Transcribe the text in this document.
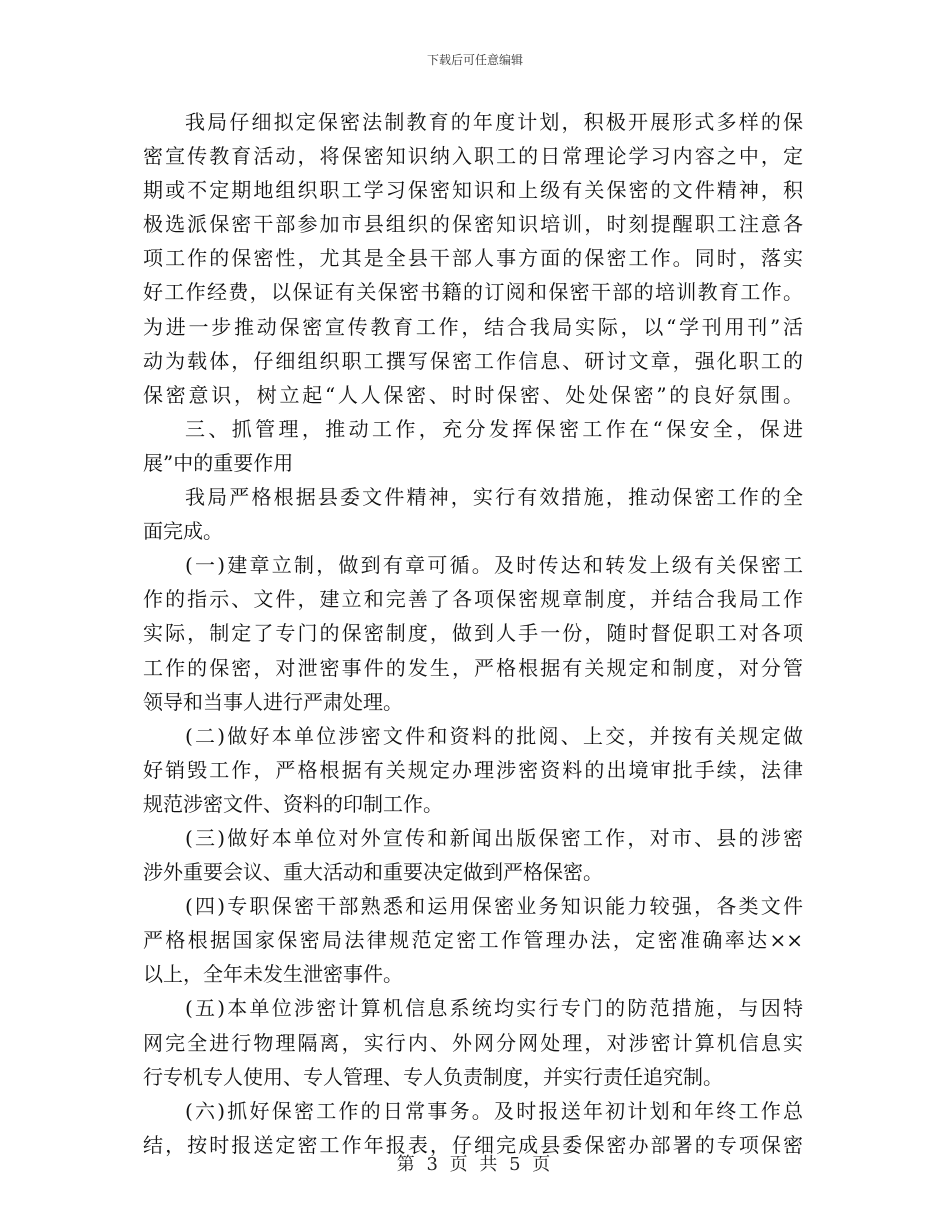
下载后可任意编辑
我局仔细拟定保密法制教育的年度计划，积极开展形式多样的保
密宣传教育活动，将保密知识纳入职工的日常理论学习内容之中，定
期或不定期地组织职工学习保密知识和上级有关保密的文件精神，积
极选派保密干部参加市县组织的保密知识培训，时刻提醒职工注意各
项工作的保密性，尤其是全县干部人事方面的保密工作。同时，落实
好工作经费，以保证有关保密书籍的订阅和保密干部的培训教育工作。
为进一步推动保密宣传教育工作，结合我局实际，以“学刊用刊”活
动为载体，仔细组织职工撰写保密工作信息、研讨文章，强化职工的
保密意识，树立起“人人保密、时时保密、处处保密”的良好氛围。
三、抓管理，推动工作，充分发挥保密工作在“保安全，保进
展”中的重要作用
我局严格根据县委文件精神，实行有效措施，推动保密工作的全
面完成。
(一)建章立制，做到有章可循。及时传达和转发上级有关保密工
作的指示、文件，建立和完善了各项保密规章制度，并结合我局工作
实际，制定了专门的保密制度，做到人手一份，随时督促职工对各项
工作的保密，对泄密事件的发生，严格根据有关规定和制度，对分管
领导和当事人进行严肃处理。
(二)做好本单位涉密文件和资料的批阅、上交，并按有关规定做
好销毁工作，严格根据有关规定办理涉密资料的出境审批手续，法律
规范涉密文件、资料的印制工作。
(三)做好本单位对外宣传和新闻出版保密工作，对市、县的涉密
涉外重要会议、重大活动和重要决定做到严格保密。
(四)专职保密干部熟悉和运用保密业务知识能力较强，各类文件
严格根据国家保密局法律规范定密工作管理办法，定密准确率达××
以上，全年未发生泄密事件。
(五)本单位涉密计算机信息系统均实行专门的防范措施，与因特
网完全进行物理隔离，实行内、外网分网处理，对涉密计算机信息实
行专机专人使用、专人管理、专人负责制度，并实行责任追究制。
(六)抓好保密工作的日常事务。及时报送年初计划和年终工作总
结，按时报送定密工作年报表，仔细完成县委保密办部署的专项保密
第 3 页 共 5 页
